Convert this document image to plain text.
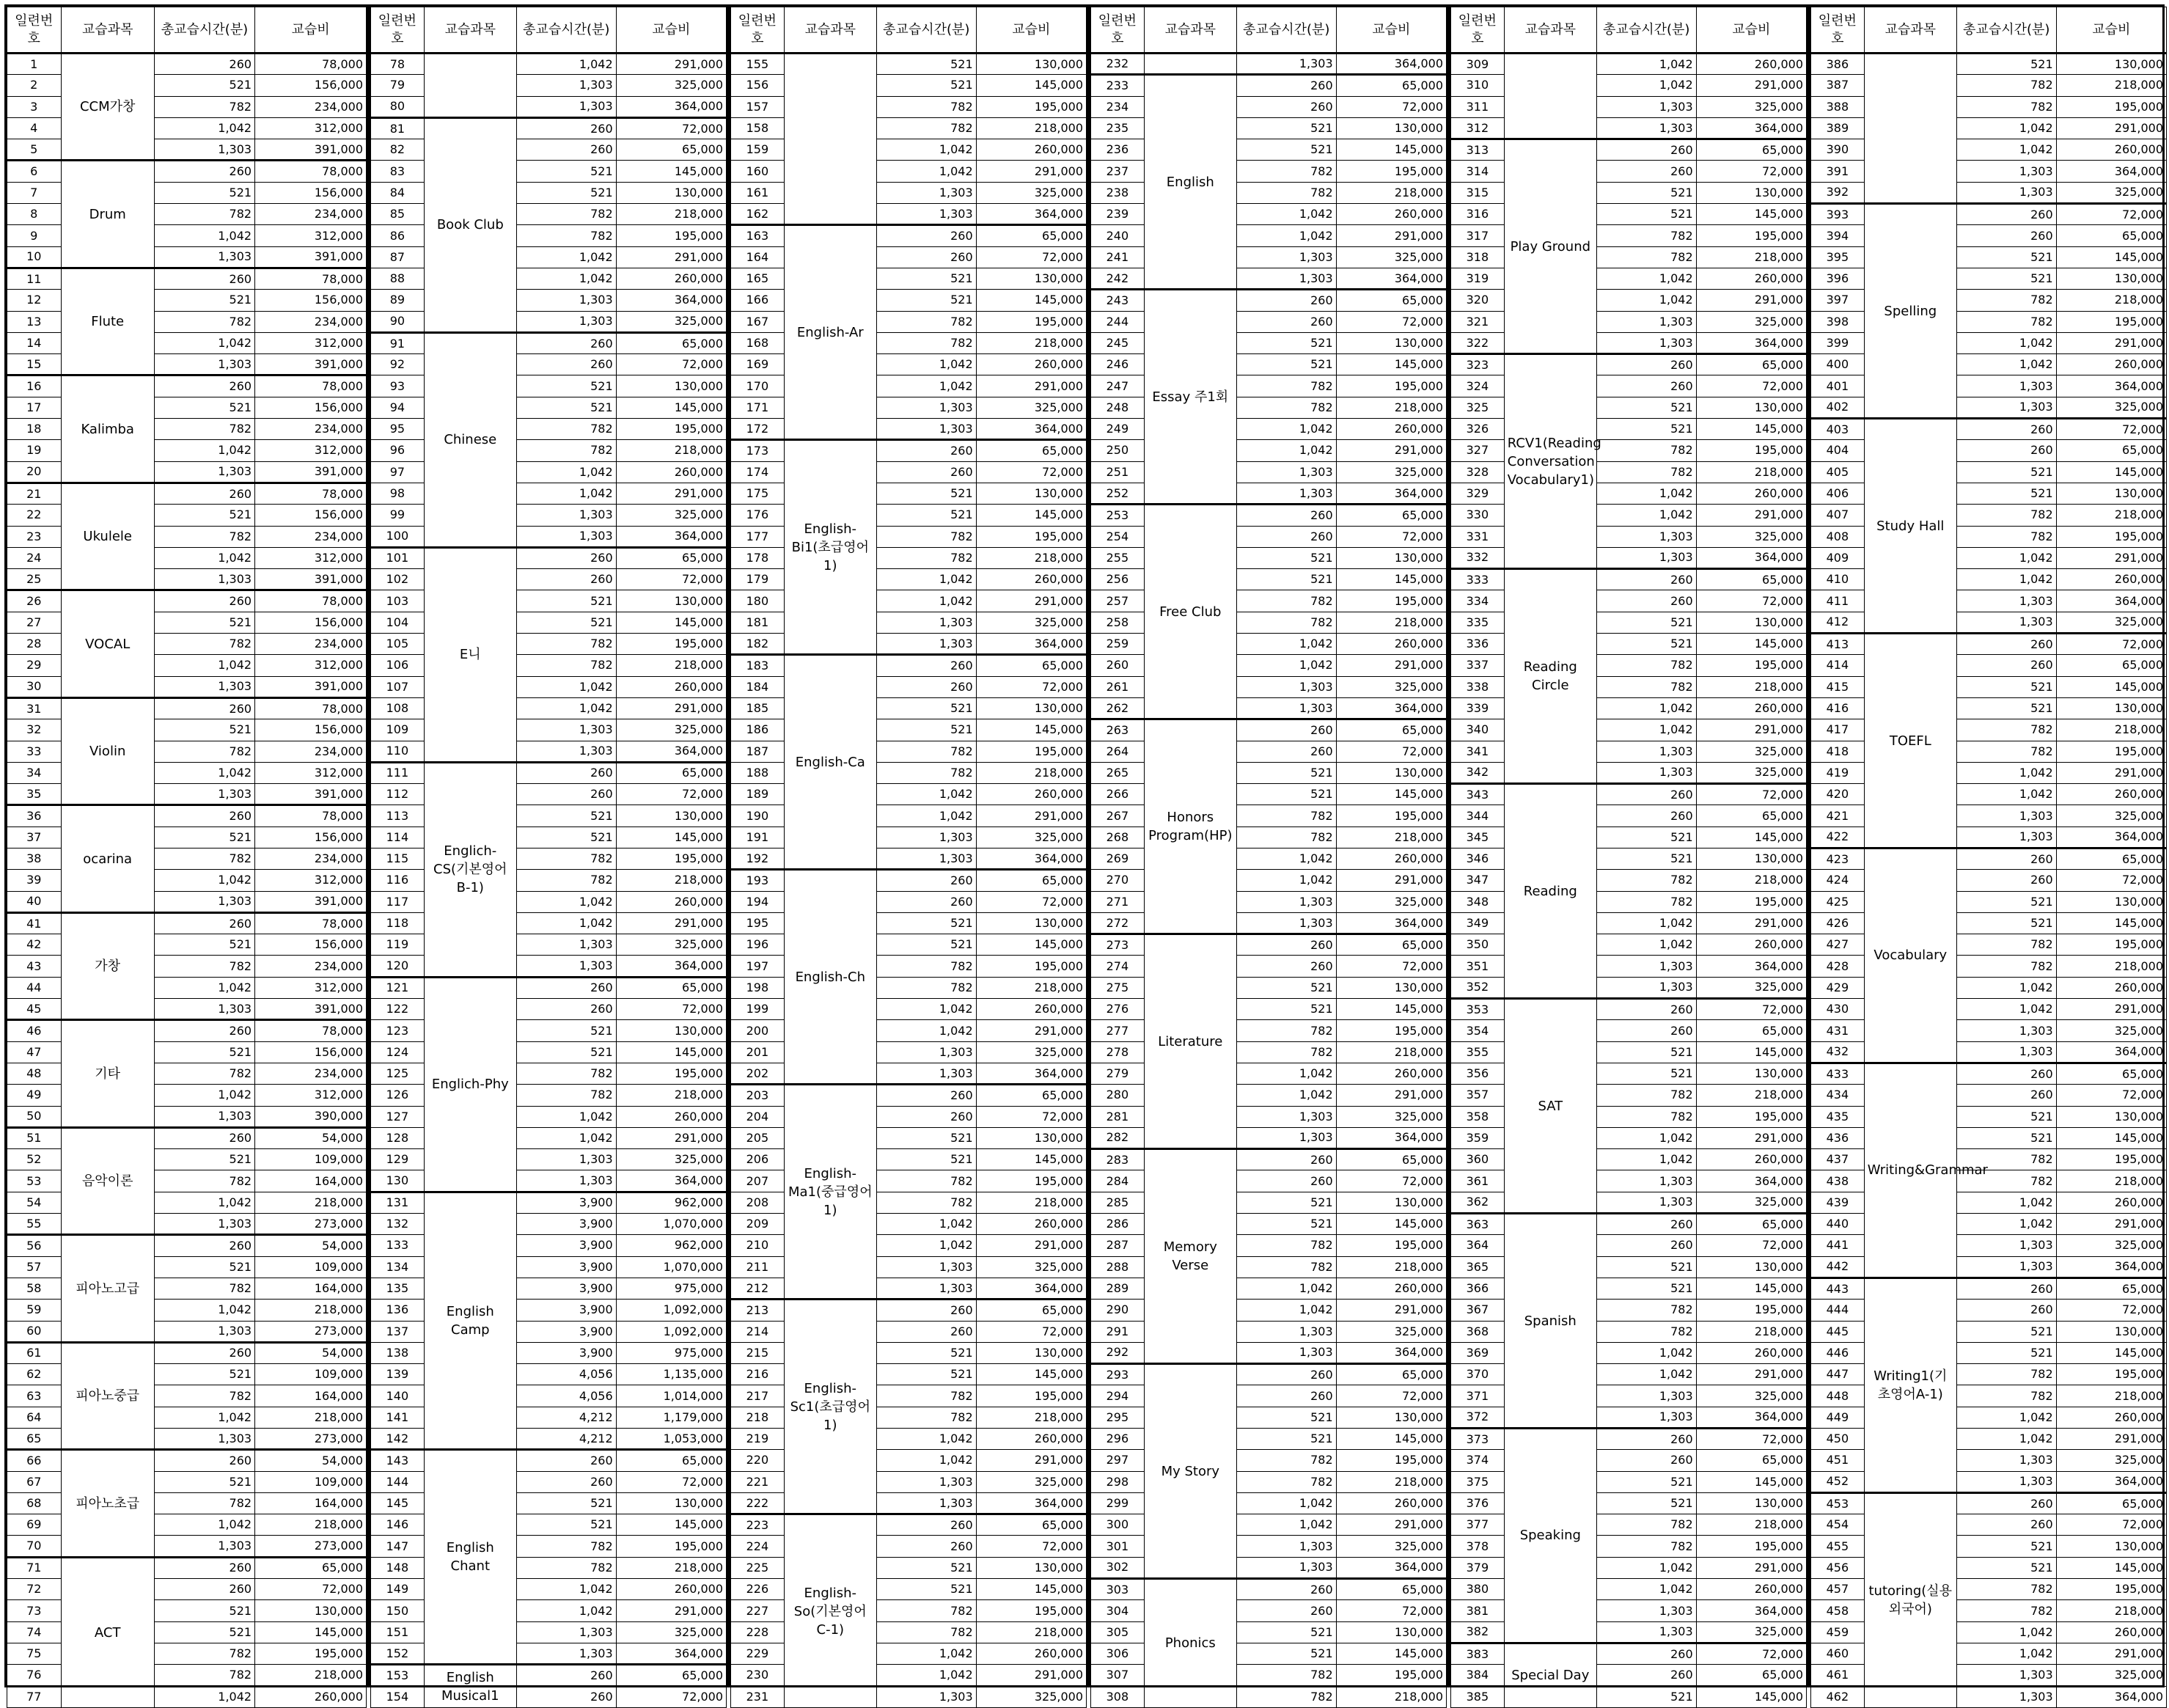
일련번호	교습과목	총교습시간(분)	교습비
1	CCM가창	260	78,000
2		521	156,000
3		782	234,000
4		1,042	312,000
5		1,303	391,000
6	Drum	260	78,000
7		521	156,000
8		782	234,000
9		1,042	312,000
10		1,303	391,000
11	Flute	260	78,000
12		521	156,000
13		782	234,000
14		1,042	312,000
15		1,303	391,000
16	Kalimba	260	78,000
17		521	156,000
18		782	234,000
19		1,042	312,000
20		1,303	391,000
21	Ukulele	260	78,000
22		521	156,000
23		782	234,000
24		1,042	312,000
25		1,303	391,000
26	VOCAL	260	78,000
27		521	156,000
28		782	234,000
29		1,042	312,000
30		1,303	391,000
31	Violin	260	78,000
32		521	156,000
33		782	234,000
34		1,042	312,000
35		1,303	391,000
36	ocarina	260	78,000
37		521	156,000
38		782	234,000
39		1,042	312,000
40		1,303	391,000
41	가창	260	78,000
42		521	156,000
43		782	234,000
44		1,042	312,000
45		1,303	391,000
46	기타	260	78,000
47		521	156,000
48		782	234,000
49		1,042	312,000
50		1,303	390,000
51	음악이론	260	54,000
52		521	109,000
53		782	164,000
54		1,042	218,000
55		1,303	273,000
56	피아노고급	260	54,000
57		521	109,000
58		782	164,000
59		1,042	218,000
60		1,303	273,000
61	피아노중급	260	54,000
62		521	109,000
63		782	164,000
64		1,042	218,000
65		1,303	273,000
66	피아노초급	260	54,000
67		521	109,000
68		782	164,000
69		1,042	218,000
70		1,303	273,000
71	ACT	260	65,000
72		260	72,000
73		521	130,000
74		521	145,000
75		782	195,000
76		782	218,000
77		1,042	260,000
일련번호	교습과목	총교습시간(분)	교습비
78		1,042	291,000
79		1,303	325,000
80		1,303	364,000
81	Book Club	260	72,000
82		260	65,000
83		521	145,000
84		521	130,000
85		782	218,000
86		782	195,000
87		1,042	291,000
88		1,042	260,000
89		1,303	364,000
90		1,303	325,000
91	Chinese	260	65,000
92		260	72,000
93		521	130,000
94		521	145,000
95		782	195,000
96		782	218,000
97		1,042	260,000
98		1,042	291,000
99		1,303	325,000
100		1,303	364,000
101	E니	260	65,000
102		260	72,000
103		521	130,000
104		521	145,000
105		782	195,000
106		782	218,000
107		1,042	260,000
108		1,042	291,000
109		1,303	325,000
110		1,303	364,000
111	Englich-CS(기본영어B-1)	260	65,000
112		260	72,000
113		521	130,000
114		521	145,000
115		782	195,000
116		782	218,000
117		1,042	260,000
118		1,042	291,000
119		1,303	325,000
120		1,303	364,000
121	Englich-Phy	260	65,000
122		260	72,000
123		521	130,000
124		521	145,000
125		782	195,000
126		782	218,000
127		1,042	260,000
128		1,042	291,000
129		1,303	325,000
130		1,303	364,000
131	English Camp	3,900	962,000
132		3,900	1,070,000
133		3,900	962,000
134		3,900	1,070,000
135		3,900	975,000
136		3,900	1,092,000
137		3,900	1,092,000
138		3,900	975,000
139		4,056	1,135,000
140		4,056	1,014,000
141		4,212	1,179,000
142		4,212	1,053,000
143	English Chant	260	65,000
144		260	72,000
145		521	130,000
146		521	145,000
147		782	195,000
148		782	218,000
149		1,042	260,000
150		1,042	291,000
151		1,303	325,000
152		1,303	364,000
153	English Musical1	260	65,000
154		260	72,000
일련번호	교습과목	총교습시간(분)	교습비
155		521	130,000
156		521	145,000
157		782	195,000
158		782	218,000
159		1,042	260,000
160		1,042	291,000
161		1,303	325,000
162		1,303	364,000
163	English-Ar	260	65,000
164		260	72,000
165		521	130,000
166		521	145,000
167		782	195,000
168		782	218,000
169		1,042	260,000
170		1,042	291,000
171		1,303	325,000
172		1,303	364,000
173	English-Bi1(초급영어1)	260	65,000
174		260	72,000
175		521	130,000
176		521	145,000
177		782	195,000
178		782	218,000
179		1,042	260,000
180		1,042	291,000
181		1,303	325,000
182		1,303	364,000
183	English-Ca	260	65,000
184		260	72,000
185		521	130,000
186		521	145,000
187		782	195,000
188		782	218,000
189		1,042	260,000
190		1,042	291,000
191		1,303	325,000
192		1,303	364,000
193	English-Ch	260	65,000
194		260	72,000
195		521	130,000
196		521	145,000
197		782	195,000
198		782	218,000
199		1,042	260,000
200		1,042	291,000
201		1,303	325,000
202		1,303	364,000
203	English-Ma1(중급영어1)	260	65,000
204		260	72,000
205		521	130,000
206		521	145,000
207		782	195,000
208		782	218,000
209		1,042	260,000
210		1,042	291,000
211		1,303	325,000
212		1,303	364,000
213	English-Sc1(초급영어1)	260	65,000
214		260	72,000
215		521	130,000
216		521	145,000
217		782	195,000
218		782	218,000
219		1,042	260,000
220		1,042	291,000
221		1,303	325,000
222		1,303	364,000
223	English-So(기본영어C-1)	260	65,000
224		260	72,000
225		521	130,000
226		521	145,000
227		782	195,000
228		782	218,000
229		1,042	260,000
230		1,042	291,000
231		1,303	325,000
일련번호	교습과목	총교습시간(분)	교습비
232		1,303	364,000
233	English	260	65,000
234		260	72,000
235		521	130,000
236		521	145,000
237		782	195,000
238		782	218,000
239		1,042	260,000
240		1,042	291,000
241		1,303	325,000
242		1,303	364,000
243	Essay 주1회	260	65,000
244		260	72,000
245		521	130,000
246		521	145,000
247		782	195,000
248		782	218,000
249		1,042	260,000
250		1,042	291,000
251		1,303	325,000
252		1,303	364,000
253	Free Club	260	65,000
254		260	72,000
255		521	130,000
256		521	145,000
257		782	195,000
258		782	218,000
259		1,042	260,000
260		1,042	291,000
261		1,303	325,000
262		1,303	364,000
263	Honors Program(HP)	260	65,000
264		260	72,000
265		521	130,000
266		521	145,000
267		782	195,000
268		782	218,000
269		1,042	260,000
270		1,042	291,000
271		1,303	325,000
272		1,303	364,000
273	Literature	260	65,000
274		260	72,000
275		521	130,000
276		521	145,000
277		782	195,000
278		782	218,000
279		1,042	260,000
280		1,042	291,000
281		1,303	325,000
282		1,303	364,000
283	Memory Verse	260	65,000
284		260	72,000
285		521	130,000
286		521	145,000
287		782	195,000
288		782	218,000
289		1,042	260,000
290		1,042	291,000
291		1,303	325,000
292		1,303	364,000
293	My Story	260	65,000
294		260	72,000
295		521	130,000
296		521	145,000
297		782	195,000
298		782	218,000
299		1,042	260,000
300		1,042	291,000
301		1,303	325,000
302		1,303	364,000
303	Phonics	260	65,000
304		260	72,000
305		521	130,000
306		521	145,000
307		782	195,000
308		782	218,000
일련번호	교습과목	총교습시간(분)	교습비
309		1,042	260,000
310		1,042	291,000
311		1,303	325,000
312		1,303	364,000
313	Play Ground	260	65,000
314		260	72,000
315		521	130,000
316		521	145,000
317		782	195,000
318		782	218,000
319		1,042	260,000
320		1,042	291,000
321		1,303	325,000
322		1,303	364,000
323	RCV1(Reading Conversation Vocabulary1)	260	65,000
324		260	72,000
325		521	130,000
326		521	145,000
327		782	195,000
328		782	218,000
329		1,042	260,000
330		1,042	291,000
331		1,303	325,000
332		1,303	364,000
333	Reading Circle	260	65,000
334		260	72,000
335		521	130,000
336		521	145,000
337		782	195,000
338		782	218,000
339		1,042	260,000
340		1,042	291,000
341		1,303	325,000
342		1,303	325,000
343	Reading	260	72,000
344		260	65,000
345		521	145,000
346		521	130,000
347		782	218,000
348		782	195,000
349		1,042	291,000
350		1,042	260,000
351		1,303	364,000
352		1,303	325,000
353	SAT	260	72,000
354		260	65,000
355		521	145,000
356		521	130,000
357		782	218,000
358		782	195,000
359		1,042	291,000
360		1,042	260,000
361		1,303	364,000
362		1,303	325,000
363	Spanish	260	65,000
364		260	72,000
365		521	130,000
366		521	145,000
367		782	195,000
368		782	218,000
369		1,042	260,000
370		1,042	291,000
371		1,303	325,000
372		1,303	364,000
373	Speaking	260	72,000
374		260	65,000
375		521	145,000
376		521	130,000
377		782	218,000
378		782	195,000
379		1,042	291,000
380		1,042	260,000
381		1,303	364,000
382		1,303	325,000
383	Special Day	260	72,000
384		260	65,000
385		521	145,000
일련번호	교습과목	총교습시간(분)	교습비
386		521	130,000
387		782	218,000
388		782	195,000
389		1,042	291,000
390		1,042	260,000
391		1,303	364,000
392		1,303	325,000
393	Spelling	260	72,000
394		260	65,000
395		521	145,000
396		521	130,000
397		782	218,000
398		782	195,000
399		1,042	291,000
400		1,042	260,000
401		1,303	364,000
402		1,303	325,000
403	Study Hall	260	72,000
404		260	65,000
405		521	145,000
406		521	130,000
407		782	218,000
408		782	195,000
409		1,042	291,000
410		1,042	260,000
411		1,303	364,000
412		1,303	325,000
413	TOEFL	260	72,000
414		260	65,000
415		521	145,000
416		521	130,000
417		782	218,000
418		782	195,000
419		1,042	291,000
420		1,042	260,000
421		1,303	325,000
422		1,303	364,000
423	Vocabulary	260	65,000
424		260	72,000
425		521	130,000
426		521	145,000
427		782	195,000
428		782	218,000
429		1,042	260,000
430		1,042	291,000
431		1,303	325,000
432		1,303	364,000
433	Writing&Grammar	260	65,000
434		260	72,000
435		521	130,000
436		521	145,000
437		782	195,000
438		782	218,000
439		1,042	260,000
440		1,042	291,000
441		1,303	325,000
442		1,303	364,000
443	Writing1(기초영어A-1)	260	65,000
444		260	72,000
445		521	130,000
446		521	145,000
447		782	195,000
448		782	218,000
449		1,042	260,000
450		1,042	291,000
451		1,303	325,000
452		1,303	364,000
453	tutoring(실용외국어)	260	65,000
454		260	72,000
455		521	130,000
456		521	145,000
457		782	195,000
458		782	218,000
459		1,042	260,000
460		1,042	291,000
461		1,303	325,000
462		1,303	364,000
